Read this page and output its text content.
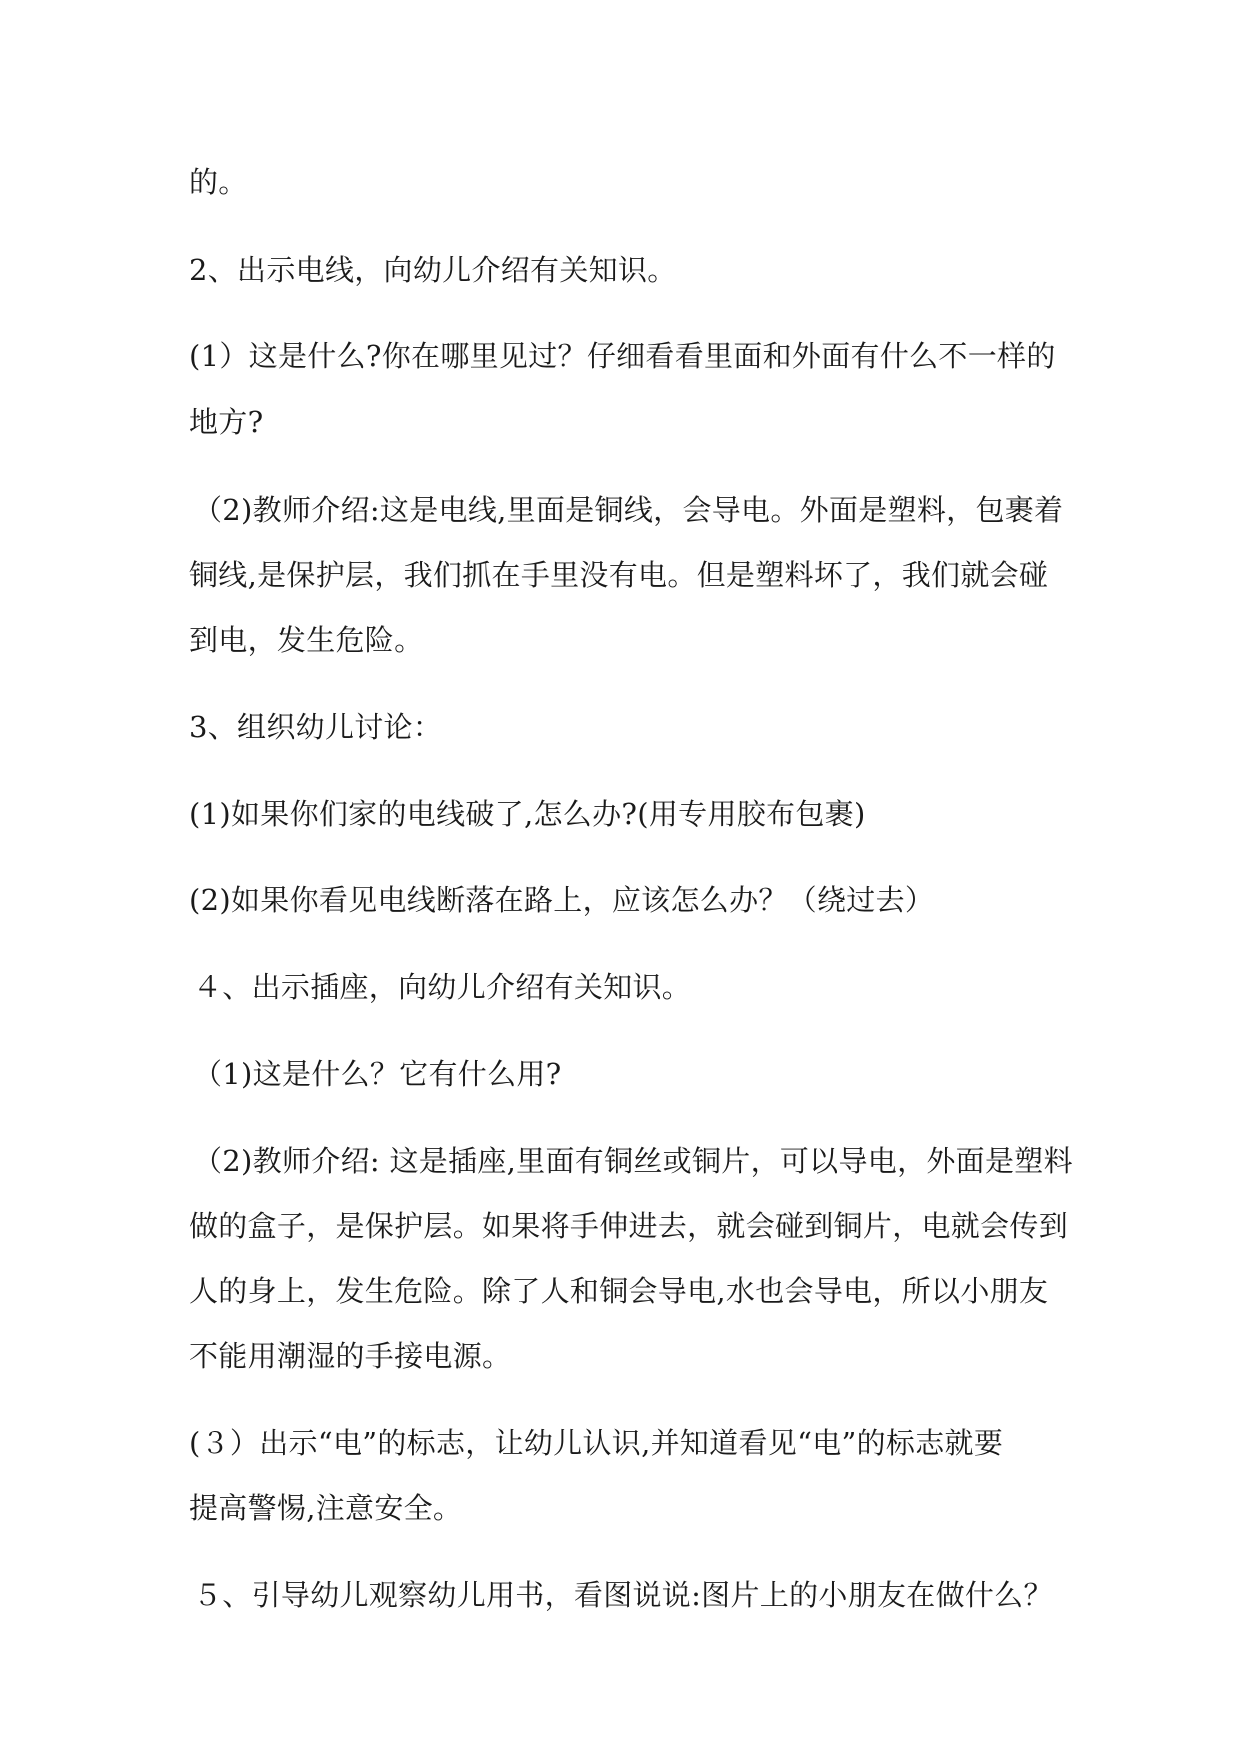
的。
2、出示电线，向幼儿介绍有关知识。
(1）这是什么?你在哪里见过？仔细看看里面和外面有什么不一样的
地方?
（2)教师介绍:这是电线,里面是铜线，会导电。外面是塑料，包裹着
铜线,是保护层，我们抓在手里没有电。但是塑料坏了，我们就会碰
到电，发生危险。
3、组织幼儿讨论：
(1)如果你们家的电线破了,怎么办?(用专用胶布包裹)
(2)如果你看见电线断落在路上，应该怎么办？（绕过去）
４、出示插座，向幼儿介绍有关知识。
（1)这是什么？它有什么用?
（2)教师介绍: 这是插座,里面有铜丝或铜片，可以导电，外面是塑料
做的盒子，是保护层。如果将手伸进去，就会碰到铜片，电就会传到
人的身上，发生危险。除了人和铜会导电,水也会导电，所以小朋友
不能用潮湿的手接电源。
(３）出示“电”的标志，让幼儿认识,并知道看见“电”的标志就要
提高警惕,注意安全。
５、引导幼儿观察幼儿用书，看图说说:图片上的小朋友在做什么？
